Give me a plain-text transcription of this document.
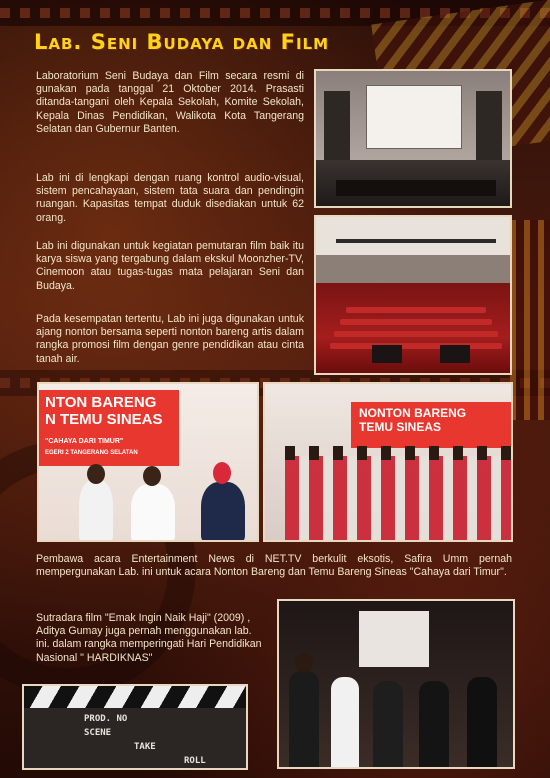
Lab. Seni Budaya dan Film

Laboratorium Seni Budaya dan Film secara resmi di gunakan pada tanggal 21 Oktober 2014. Prasasti ditanda-tangani oleh Kepala Sekolah, Komite Sekolah, Kepala Dinas Pendidikan, Walikota Kota Tangerang Selatan dan Gubernur Banten.

Lab ini di lengkapi dengan ruang kontrol audio-visual, sistem pencahayaan, sistem tata suara dan pendingin ruangan. Kapasitas tempat duduk disediakan untuk 62 orang.

Lab ini digunakan untuk kegiatan pemutaran film baik itu karya siswa yang tergabung dalam ekskul Moonzher-TV, Cinemoon atau tugas-tugas mata pelajaran Seni dan Budaya.

Pada kesempatan tertentu, Lab ini juga digunakan untuk ajang nonton bersama seperti nonton bareng artis dalam rangka promosi film dengan genre pendidikan atau cinta tanah air.

NTON BARENG
N TEMU SINEAS
"CAHAYA DARI TIMUR"
EGERI 2 TANGERANG SELATAN
NONTON BARENG
TEMU SINEAS

Pembawa acara Entertainment News di NET.TV berkulit eksotis, Safira Umm pernah mempergunakan Lab. ini untuk acara Nonton Bareng dan Temu Bareng Sineas "Cahaya dari Timur".

Sutradara film "Emak Ingin Naik Haji" (2009) , Aditya Gumay juga pernah menggunakan lab. ini. dalam rangka memperingati Hari Pendidikan Nasional " HARDIKNAS"

PROD. NO
SCENE
TAKE
ROLL
